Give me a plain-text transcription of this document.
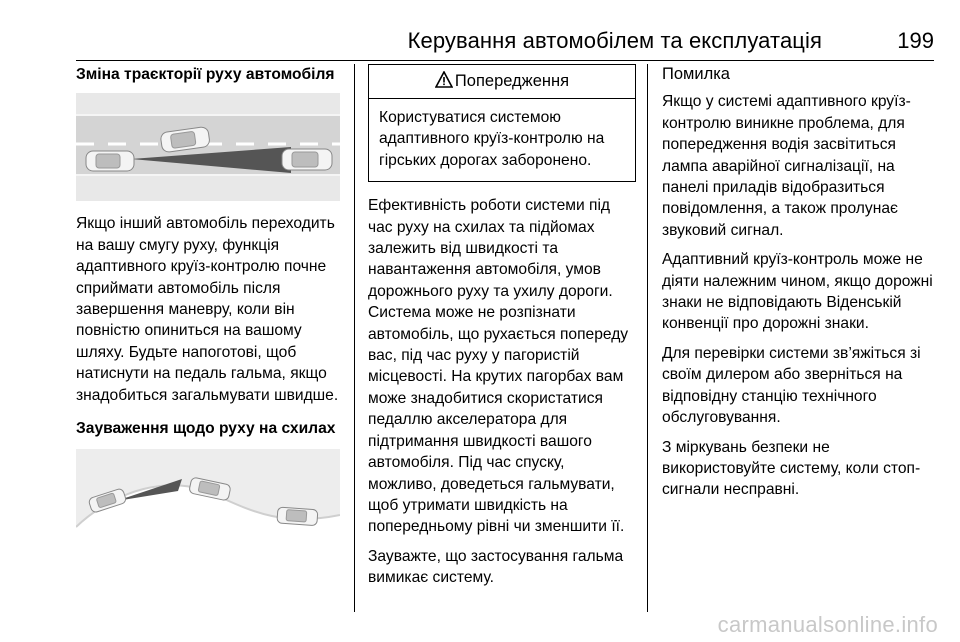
Керування автомобілем та експлуатація	199
Зміна траєкторії руху автомобіля

Якщо інший автомобіль переходить на вашу смугу руху, функція адаптивного круїз-контролю почне сприймати автомобіль після завершення маневру, коли він повністю опиниться на вашому шляху. Будьте напоготові, щоб натиснути на педаль гальма, якщо знадобиться загальмувати швидше.

Зауваження щодо руху на схилах
Попередження
Користуватися системою адаптивного круїз-контролю на гірських дорогах заборонено.

Ефективність роботи системи під час руху на схилах та підйомах залежить від швидкості та навантаження автомобіля, умов дорожнього руху та ухилу дороги. Система може не розпізнати автомобіль, що рухається попереду вас, під час руху у пагористій місцевості. На крутих пагорбах вам може знадобитися скористатися педаллю акселератора для підтримання швидкості вашого автомобіля. Під час спуску, можливо, доведеться гальмувати, щоб утримати швидкість на попередньому рівні чи зменшити її.

Зауважте, що застосування гальма вимикає систему.

Помилка

Якщо у системі адаптивного круїз-контролю виникне проблема, для попередження водія засвітиться лампа аварійної сигналізації, на панелі приладів відобразиться повідомлення, а також пролунає звуковий сигнал.

Адаптивний круїз-контроль може не діяти належним чином, якщо дорожні знаки не відповідають Віденській конвенції про дорожні знаки.

Для перевірки системи зв’яжіться зі своїм дилером або зверніться на відповідну станцію технічного обслуговування.

З міркувань безпеки не використовуйте систему, коли стоп-сигнали несправні.

carmanualsonline.info
